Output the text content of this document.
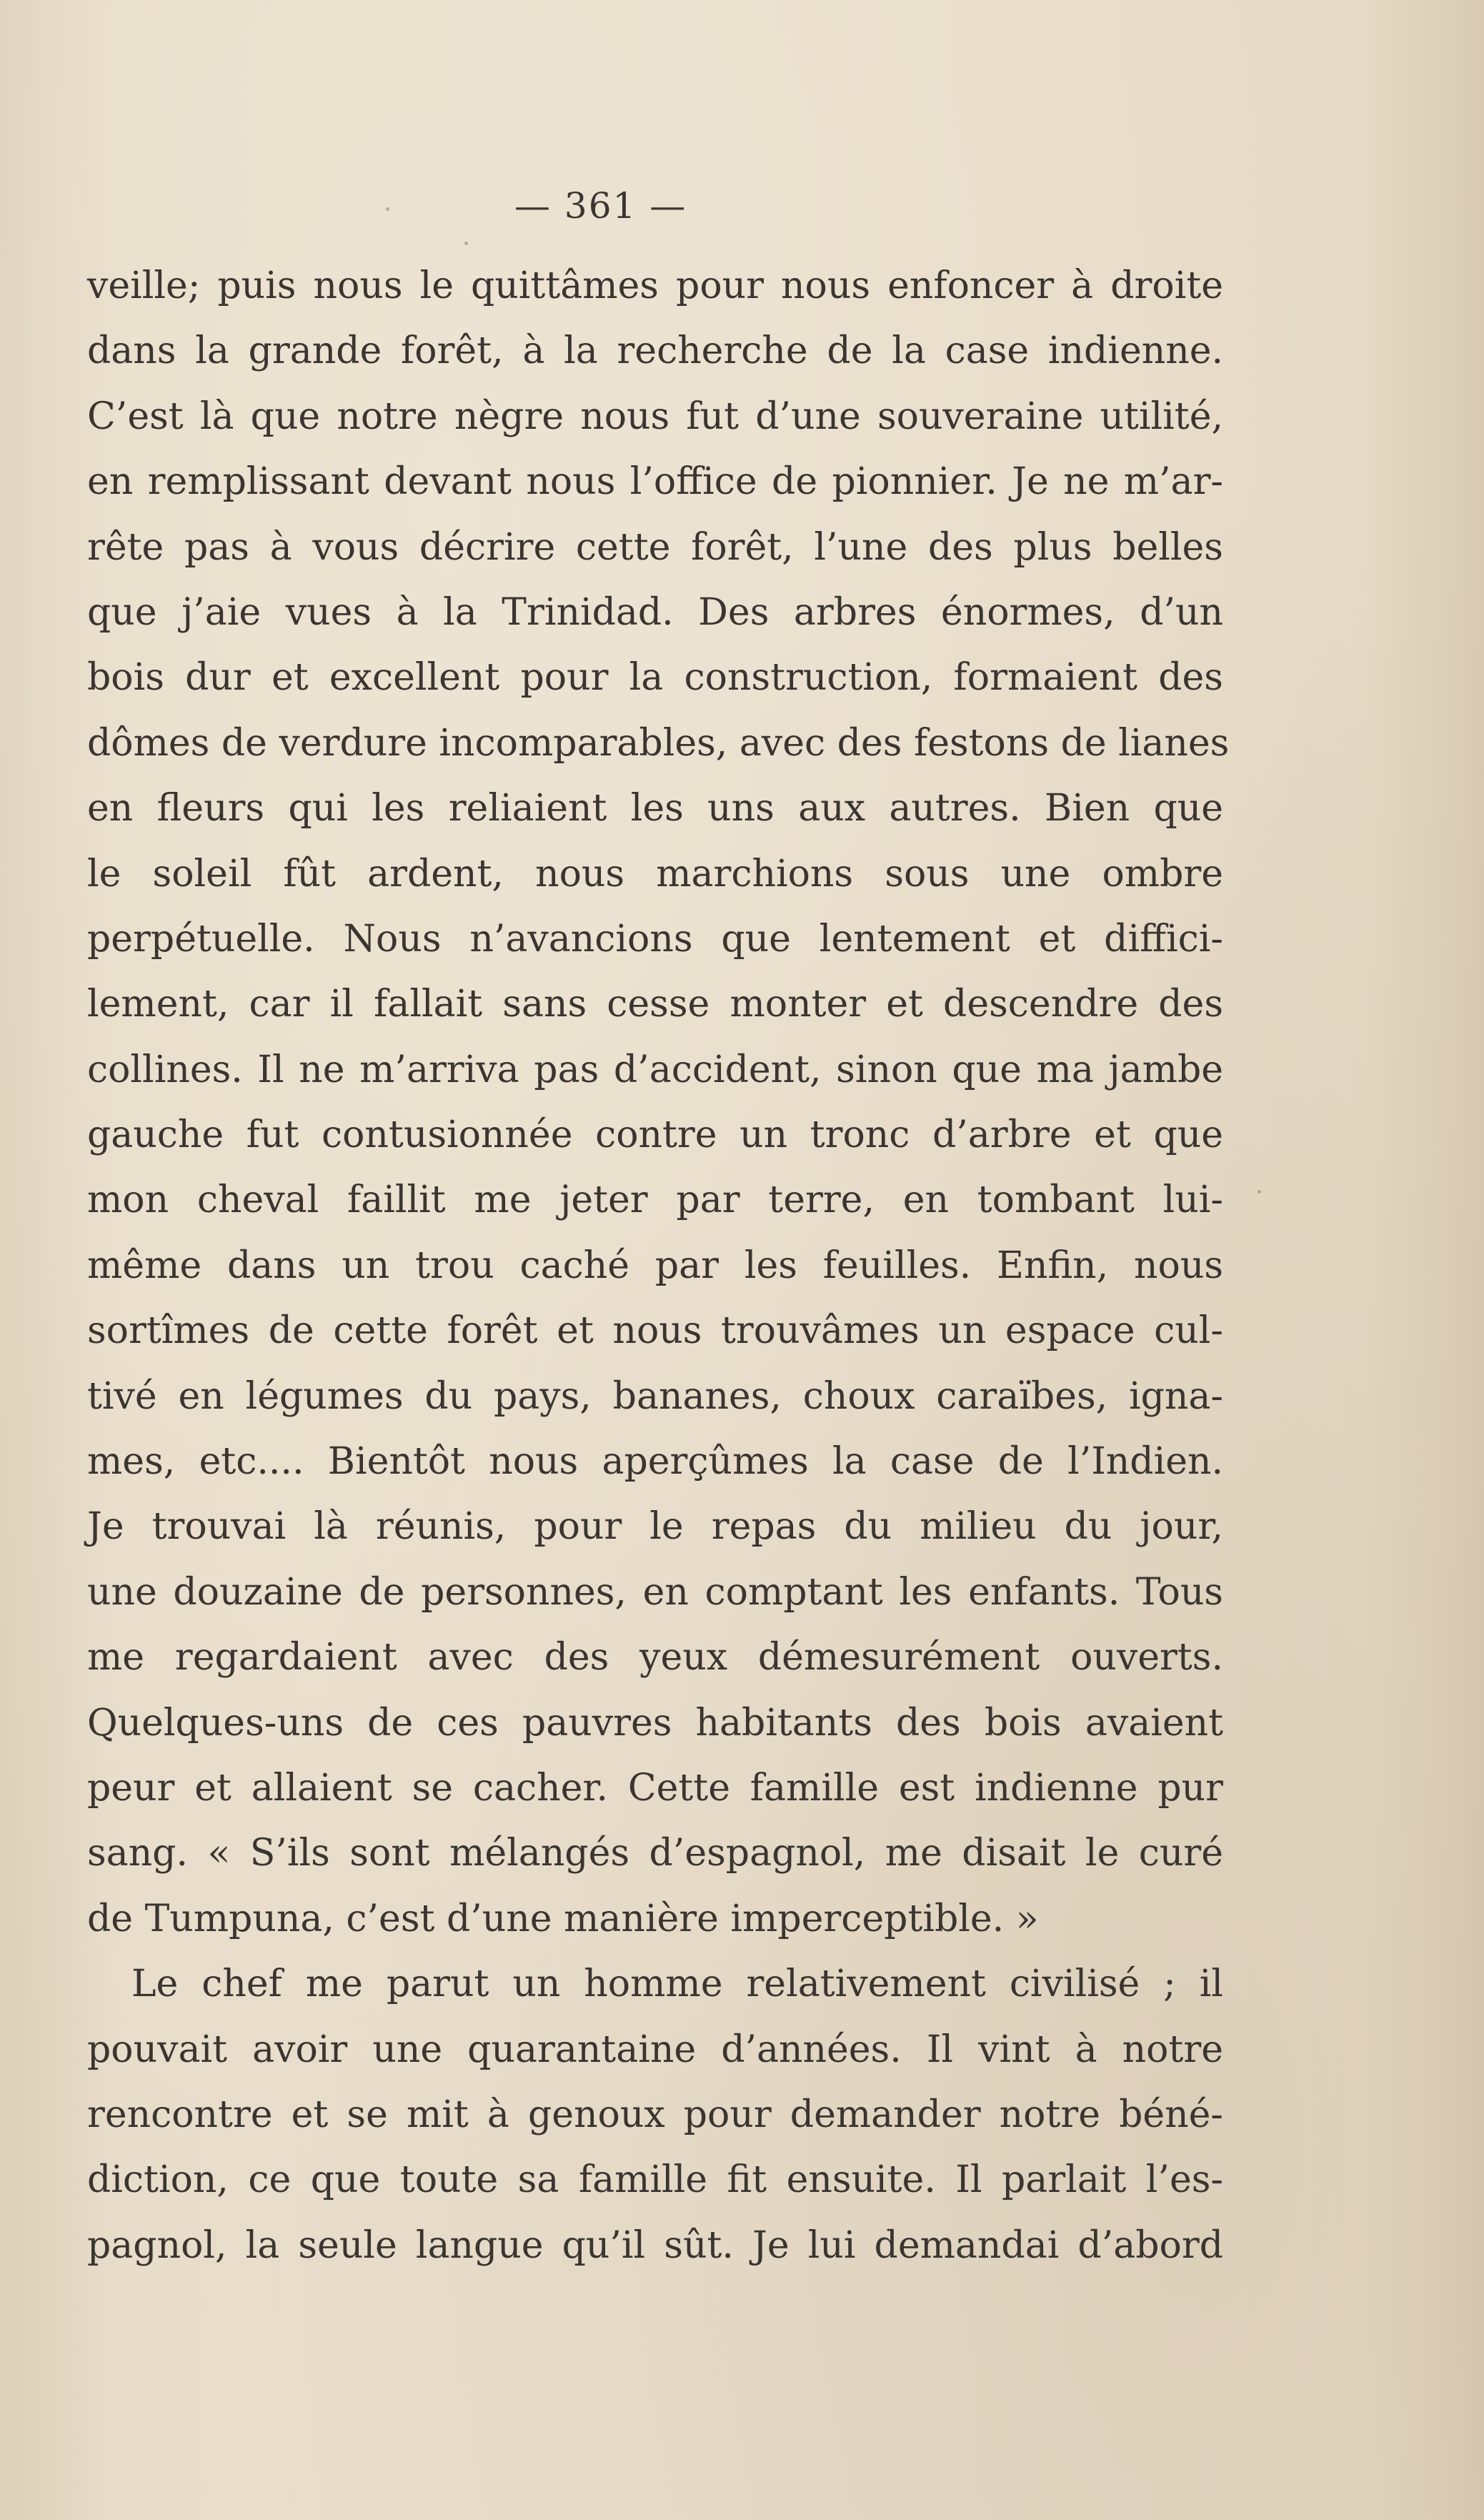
— 361 —
veille; puis nous le quittâmes pour nous enfoncer à droite
dans la grande forêt, à la recherche de la case indienne.
C’est là que notre nègre nous fut d’une souveraine utilité,
en remplissant devant nous l’office de pionnier. Je ne m’ar-
rête pas à vous décrire cette forêt, l’une des plus belles
que j’aie vues à la Trinidad. Des arbres énormes, d’un
bois dur et excellent pour la construction, formaient des
dômes de verdure incomparables, avec des festons de lianes
en fleurs qui les reliaient les uns aux autres. Bien que
le soleil fût ardent, nous marchions sous une ombre
perpétuelle. Nous n’avancions que lentement et diffici-
lement, car il fallait sans cesse monter et descendre des
collines. Il ne m’arriva pas d’accident, sinon que ma jambe
gauche fut contusionnée contre un tronc d’arbre et que
mon cheval faillit me jeter par terre, en tombant lui-
même dans un trou caché par les feuilles. Enfin, nous
sortîmes de cette forêt et nous trouvâmes un espace cul-
tivé en légumes du pays, bananes, choux caraïbes, igna-
mes, etc.... Bientôt nous aperçûmes la case de l’Indien.
Je trouvai là réunis, pour le repas du milieu du jour,
une douzaine de personnes, en comptant les enfants. Tous
me regardaient avec des yeux démesurément ouverts.
Quelques-uns de ces pauvres habitants des bois avaient
peur et allaient se cacher. Cette famille est indienne pur
sang. « S’ils sont mélangés d’espagnol, me disait le curé
de Tumpuna, c’est d’une manière imperceptible. »
Le chef me parut un homme relativement civilisé ; il
pouvait avoir une quarantaine d’années. Il vint à notre
rencontre et se mit à genoux pour demander notre béné-
diction, ce que toute sa famille fit ensuite. Il parlait l’es-
pagnol, la seule langue qu’il sût. Je lui demandai d’abord
